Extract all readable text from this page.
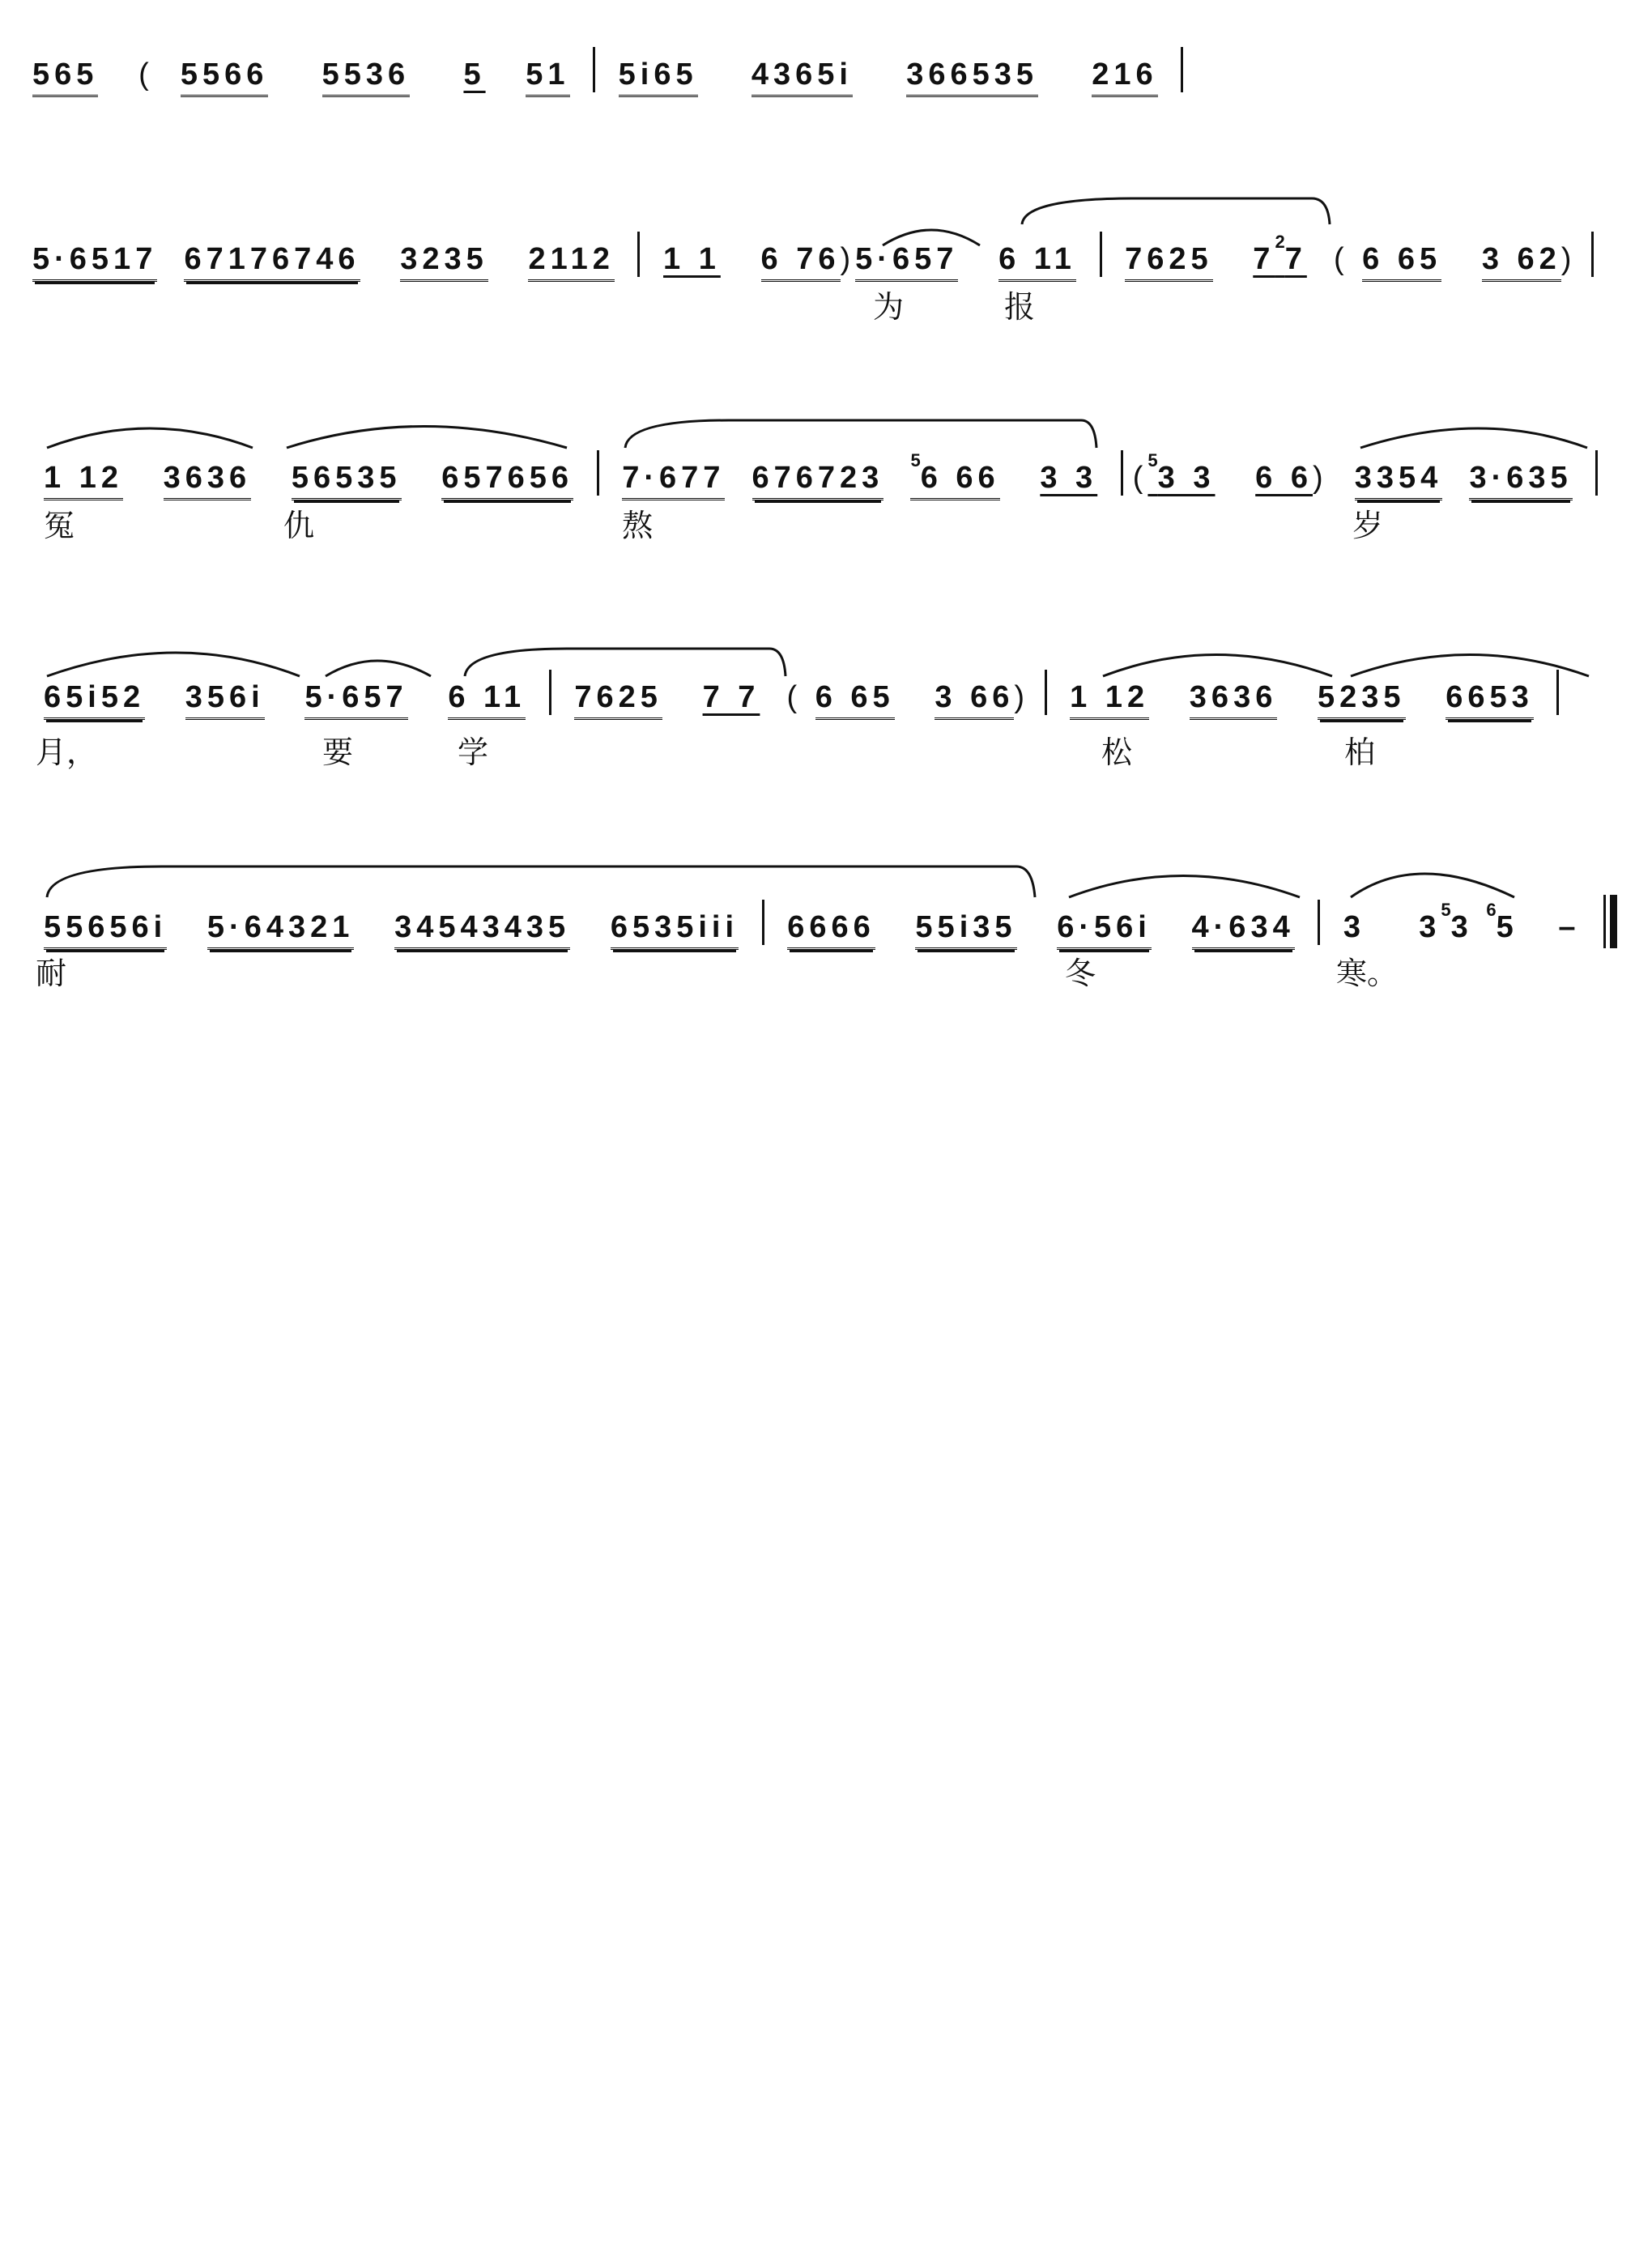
565 ( 5566 5536 5 51 5i65 4365i 366535 216
5·6517 67176746 3235 2112 1 1 6 76)5·657 6 11 7625 $7^27$ ( 6 65 3 62)
为	报
1 12 3636 56535 657656 7·677 676723  $^5$6 66 3 3 ($^5$3 3 6 6) 3354 3·635
冤	仇	熬	岁
65i52 356i 5·657 6 11 7625 7 7 ( 6 65 3 66) 1 12 3636 5235 6653
月，	要	学	松	柏
55656i 5·64321 34543435 6535iii 6666 55i35 6·56i 4·634 3 $3^53$ $^6$5 –
耐	冬	寒。
